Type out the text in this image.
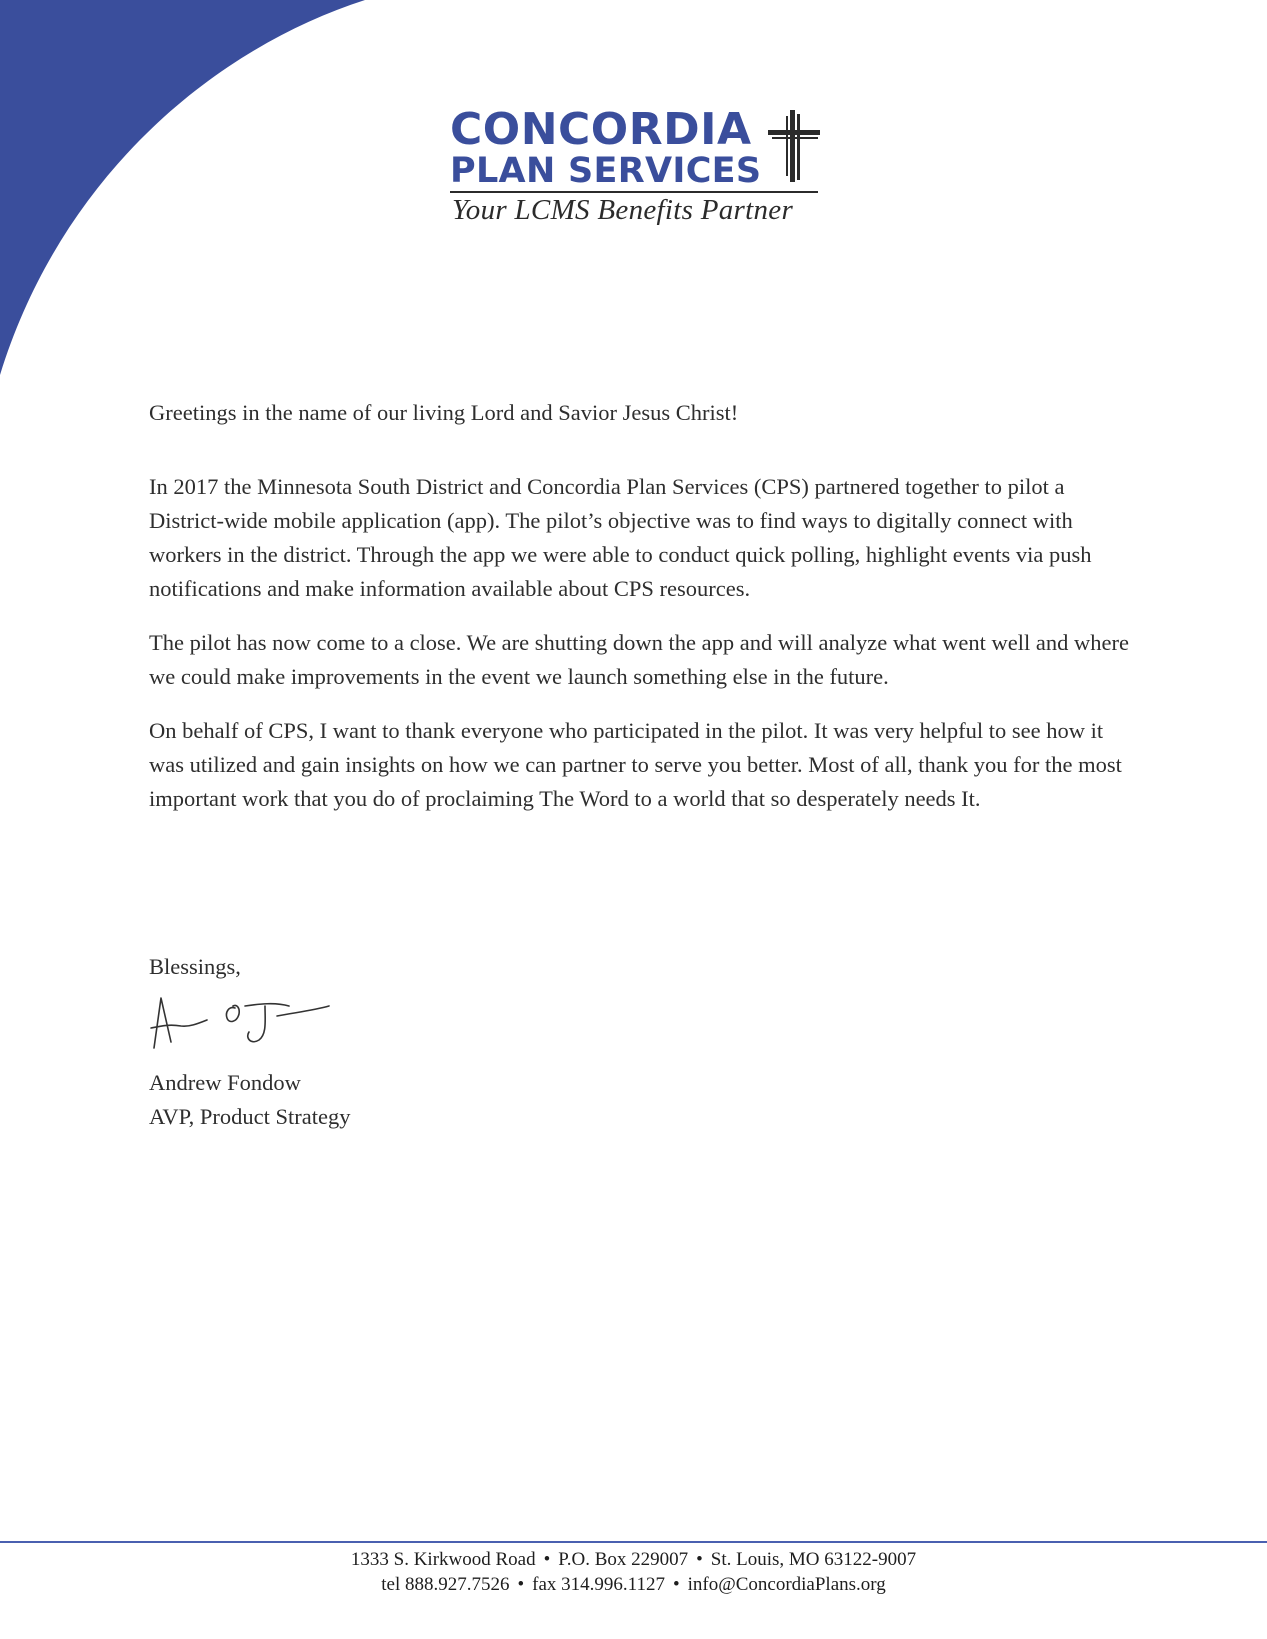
CONCORDIA
PLAN SERVICES
Your LCMS Benefits Partner

Greetings in the name of our living Lord and Savior Jesus Christ!

In 2017 the Minnesota South District and Concordia Plan Services (CPS) partnered together to pilot a District-wide mobile application (app). The pilot’s objective was to find ways to digitally connect with workers in the district. Through the app we were able to conduct quick polling, highlight events via push notifications and make information available about CPS resources.

The pilot has now come to a close. We are shutting down the app and will analyze what went well and where we could make improvements in the event we launch something else in the future.

On behalf of CPS, I want to thank everyone who participated in the pilot. It was very helpful to see how it was utilized and gain insights on how we can partner to serve you better. Most of all, thank you for the most important work that you do of proclaiming The Word to a world that so desperately needs It.

Blessings,
Andrew Fondow
AVP, Product Strategy
1333 S. Kirkwood Road • P.O. Box 229007 • St. Louis, MO 63122-9007
tel 888.927.7526 • fax 314.996.1127 • info@ConcordiaPlans.org
